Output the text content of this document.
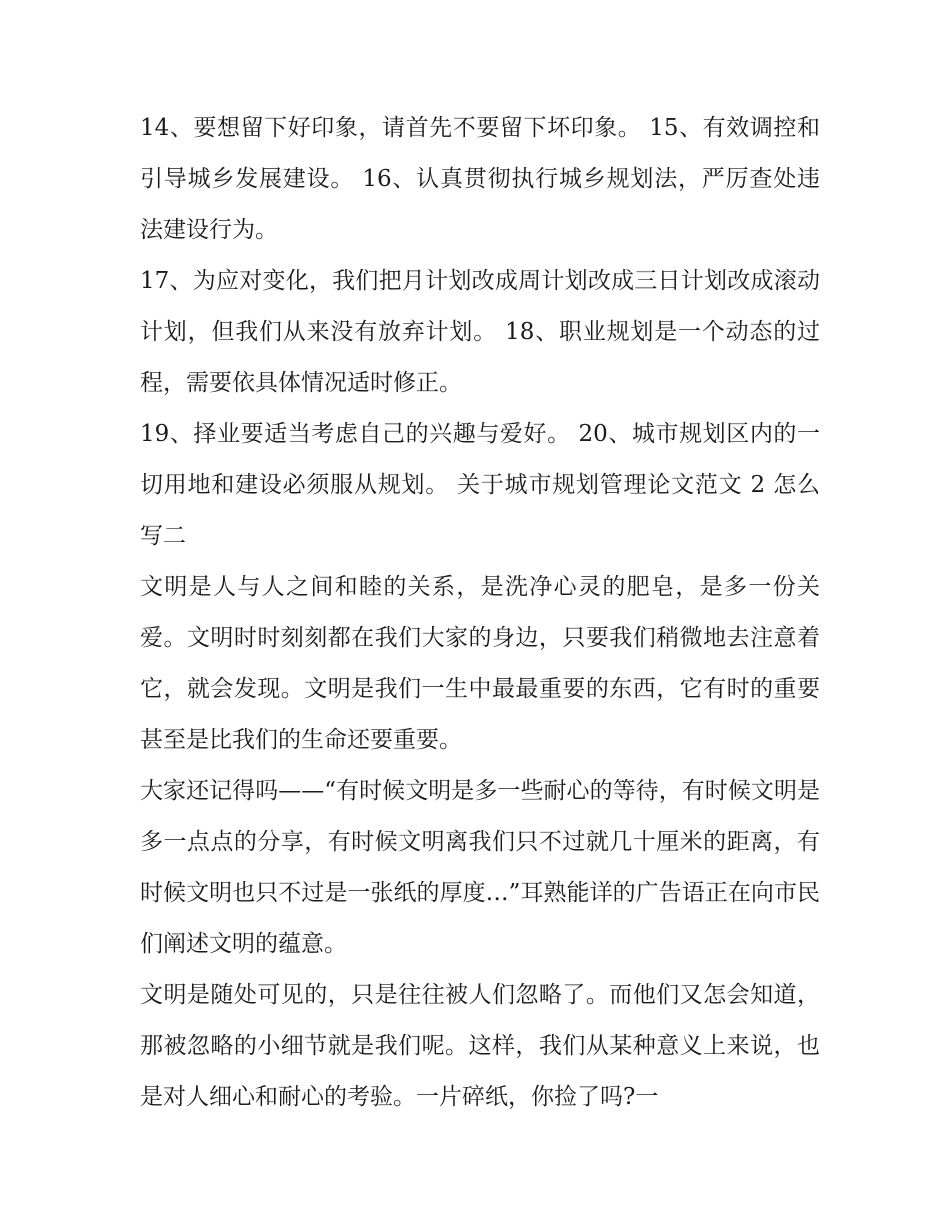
14、要想留下好印象，请首先不要留下坏印象。 15、有效调控和引导城乡发展建设。 16、认真贯彻执行城乡规划法，严厉查处违法建设行为。

17、为应对变化，我们把月计划改成周计划改成三日计划改成滚动计划，但我们从来没有放弃计划。 18、职业规划是一个动态的过程，需要依具体情况适时修正。

19、择业要适当考虑自己的兴趣与爱好。 20、城市规划区内的一切用地和建设必须服从规划。 关于城市规划管理论文范文 2 怎么写二

文明是人与人之间和睦的关系，是洗净心灵的肥皂，是多一份关爱。文明时时刻刻都在我们大家的身边，只要我们稍微地去注意着它，就会发现。文明是我们一生中最最重要的东西，它有时的重要甚至是比我们的生命还要重要。

大家还记得吗——“有时候文明是多一些耐心的等待，有时候文明是多一点点的分享，有时候文明离我们只不过就几十厘米的距离，有时候文明也只不过是一张纸的厚度…”耳熟能详的广告语正在向市民们阐述文明的蕴意。

文明是随处可见的，只是往往被人们忽略了。而他们又怎会知道，那被忽略的小细节就是我们呢。这样，我们从某种意义上来说，也是对人细心和耐心的考验。一片碎纸，你捡了吗?一
